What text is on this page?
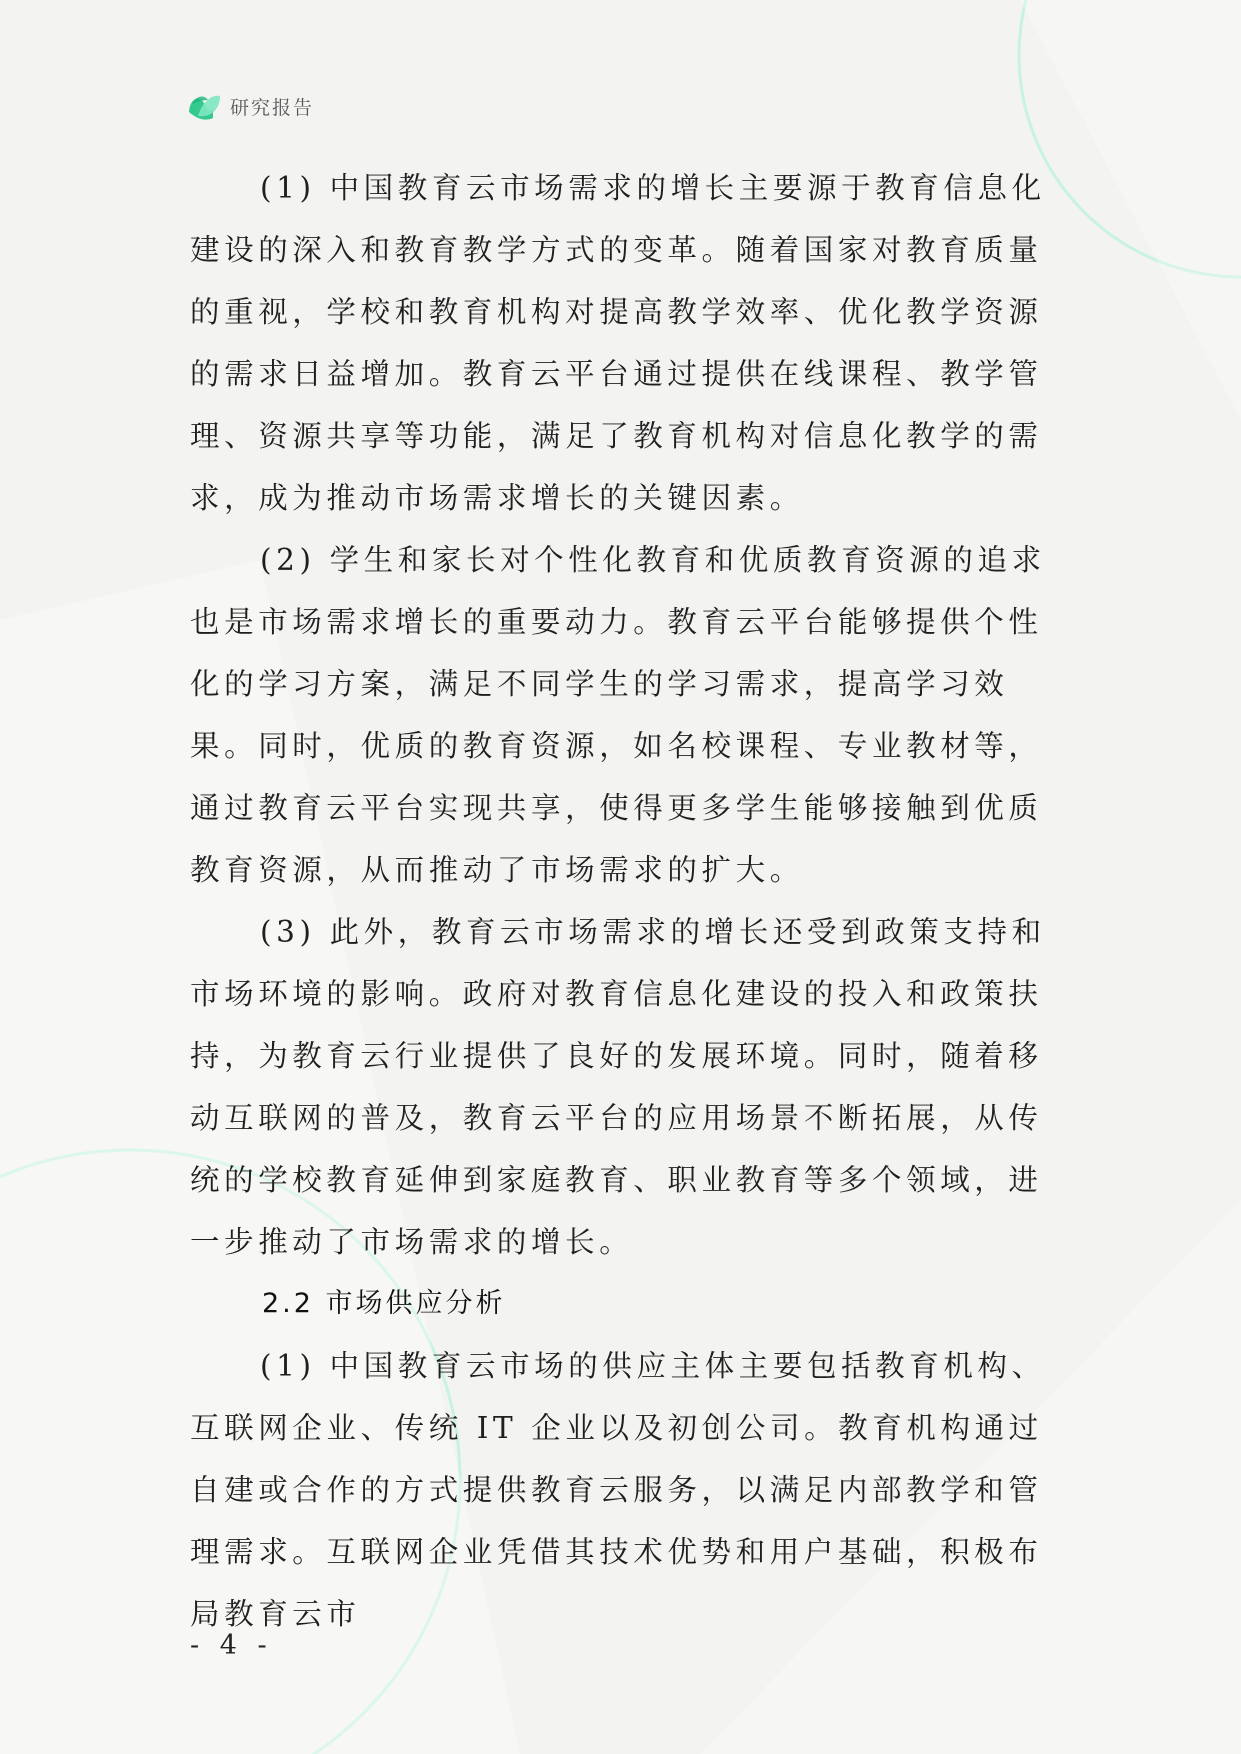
研究报告

(1) 中国教育云市场需求的增长主要源于教育信息化建设的深入和教育教学方式的变革。随着国家对教育质量的重视，学校和教育机构对提高教学效率、优化教学资源的需求日益增加。教育云平台通过提供在线课程、教学管理、资源共享等功能，满足了教育机构对信息化教学的需求，成为推动市场需求增长的关键因素。

(2) 学生和家长对个性化教育和优质教育资源的追求也是市场需求增长的重要动力。教育云平台能够提供个性化的学习方案，满足不同学生的学习需求，提高学习效果。同时，优质的教育资源，如名校课程、专业教材等，通过教育云平台实现共享，使得更多学生能够接触到优质教育资源，从而推动了市场需求的扩大。

(3) 此外，教育云市场需求的增长还受到政策支持和市场环境的影响。政府对教育信息化建设的投入和政策扶持，为教育云行业提供了良好的发展环境。同时，随着移动互联网的普及，教育云平台的应用场景不断拓展，从传统的学校教育延伸到家庭教育、职业教育等多个领域，进一步推动了市场需求的增长。

2.2 市场供应分析

(1) 中国教育云市场的供应主体主要包括教育机构、互联网企业、传统 IT 企业以及初创公司。教育机构通过自建或合作的方式提供教育云服务，以满足内部教学和管理需求。互联网企业凭借其技术优势和用户基础，积极布局教育云市

- 4 -
